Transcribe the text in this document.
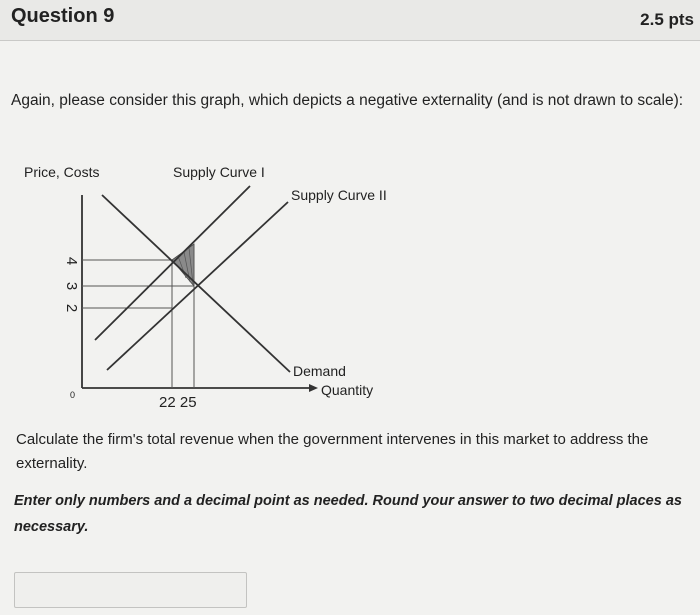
Question 9	2.5 pts
Again, please consider this graph, which depicts a negative externality (and is not drawn to scale):
Price, Costs	Supply Curve I
Supply Curve II
Demand
Quantity
0
4
3
2
22 25
Calculate the firm's total revenue when the government intervenes in this market to address the externality.
Enter only numbers and a decimal point as needed. Round your answer to two decimal places as necessary.
